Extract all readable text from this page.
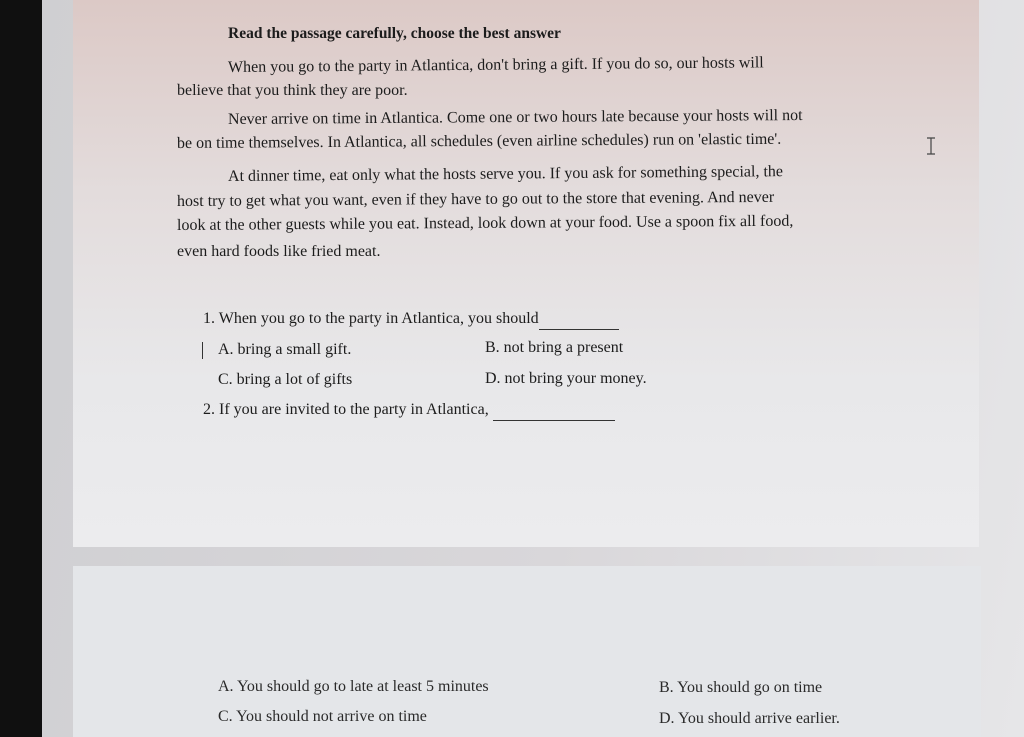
Read the passage carefully, choose the best answer
When you go to the party in Atlantica, don't bring a gift. If you do so, our hosts will
believe that you think they are poor.
Never arrive on time in Atlantica. Come one or two hours late because your hosts will not
be on time themselves. In Atlantica, all schedules (even airline schedules) run on 'elastic time'.
At dinner time, eat only what the hosts serve you. If you ask for something special, the
host try to get what you want, even if they have to go out to the store that evening. And never
look at the other guests while you eat. Instead, look down at your food. Use a spoon fix all food,
even hard foods like fried meat.
1. When you go to the party in Atlantica, you should
A. bring a small gift.	B. not bring a present
C. bring a lot of gifts	D. not bring your money.
2. If you are invited to the party in Atlantica,
A. You should go to late at least 5 minutes	B. You should go on time
C. You should not arrive on time	D. You should arrive earlier.
